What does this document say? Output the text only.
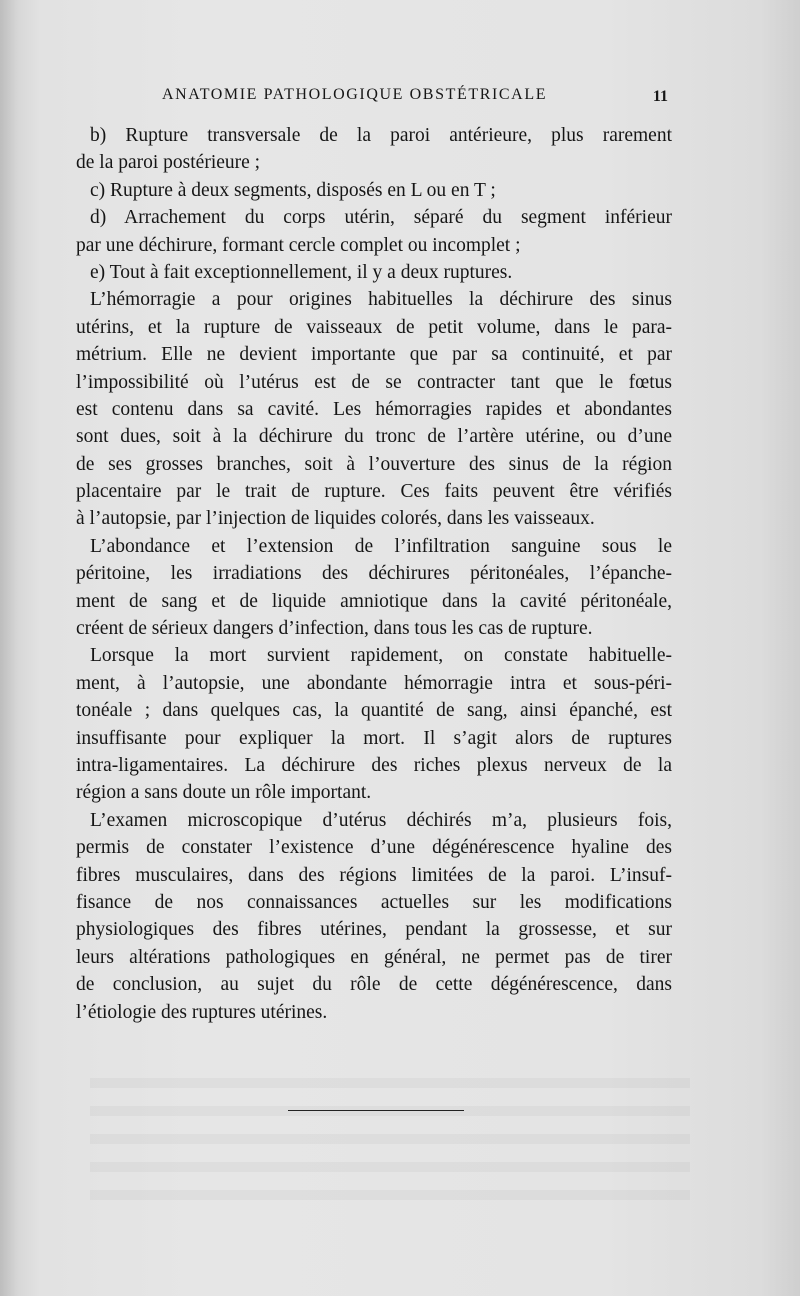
ANATOMIE PATHOLOGIQUE OBSTÉTRICALE	11
b) Rupture transversale de la paroi antérieure, plus rarement
de la paroi postérieure ;
c) Rupture à deux segments, disposés en L ou en T ;
d) Arrachement du corps utérin, séparé du segment inférieur
par une déchirure, formant cercle complet ou incomplet ;
e) Tout à fait exceptionnellement, il y a deux ruptures.
L’hémorragie a pour origines habituelles la déchirure des sinus
utérins, et la rupture de vaisseaux de petit volume, dans le para-
métrium. Elle ne devient importante que par sa continuité, et par
l’impossibilité où l’utérus est de se contracter tant que le fœtus
est contenu dans sa cavité. Les hémorragies rapides et abondantes
sont dues, soit à la déchirure du tronc de l’artère utérine, ou d’une
de ses grosses branches, soit à l’ouverture des sinus de la région
placentaire par le trait de rupture. Ces faits peuvent être vérifiés
à l’autopsie, par l’injection de liquides colorés, dans les vaisseaux.
L’abondance et l’extension de l’infiltration sanguine sous le
péritoine, les irradiations des déchirures péritonéales, l’épanche-
ment de sang et de liquide amniotique dans la cavité péritonéale,
créent de sérieux dangers d’infection, dans tous les cas de rupture.
Lorsque la mort survient rapidement, on constate habituelle-
ment, à l’autopsie, une abondante hémorragie intra et sous-péri-
tonéale ; dans quelques cas, la quantité de sang, ainsi épanché, est
insuffisante pour expliquer la mort. Il s’agit alors de ruptures
intra-ligamentaires. La déchirure des riches plexus nerveux de la
région a sans doute un rôle important.
L’examen microscopique d’utérus déchirés m’a, plusieurs fois,
permis de constater l’existence d’une dégénérescence hyaline des
fibres musculaires, dans des régions limitées de la paroi. L’insuf-
fisance de nos connaissances actuelles sur les modifications
physiologiques des fibres utérines, pendant la grossesse, et sur
leurs altérations pathologiques en général, ne permet pas de tirer
de conclusion, au sujet du rôle de cette dégénérescence, dans
l’étiologie des ruptures utérines.
